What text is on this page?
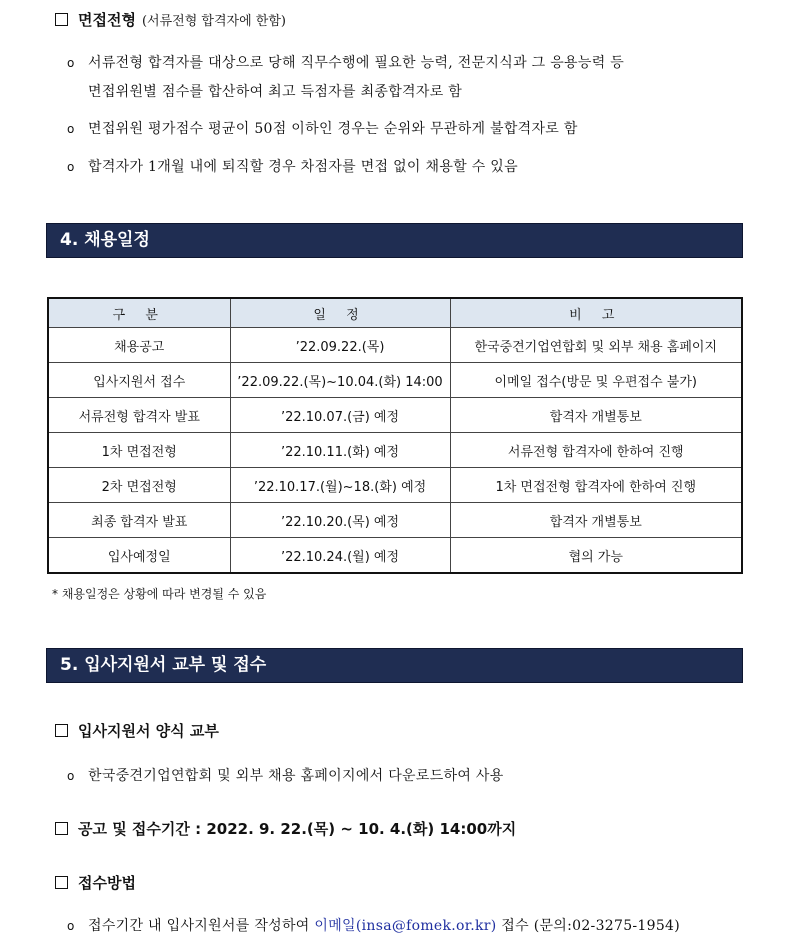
면접전형 (서류전형 합격자에 한함)
o 서류전형 합격자를 대상으로 당해 직무수행에 필요한 능력, 전문지식과 그 응용능력 등
면접위원별 점수를 합산하여 최고 득점자를 최종합격자로 함
o 면접위원 평가점수 평균이 50점 이하인 경우는 순위와 무관하게 불합격자로 함
o 합격자가 1개월 내에 퇴직할 경우 차점자를 면접 없이 채용할 수 있음
4. 채용일정
구 분	일 정	비 고
채용공고	’22.09.22.(목)	한국중견기업연합회 및 외부 채용 홈페이지
입사지원서 접수	’22.09.22.(목)~10.04.(화) 14:00	이메일 접수(방문 및 우편접수 불가)
서류전형 합격자 발표	’22.10.07.(금) 예정	합격자 개별통보
1차 면접전형	’22.10.11.(화) 예정	서류전형 합격자에 한하여 진행
2차 면접전형	’22.10.17.(월)~18.(화) 예정	1차 면접전형 합격자에 한하여 진행
최종 합격자 발표	’22.10.20.(목) 예정	합격자 개별통보
입사예정일	’22.10.24.(월) 예정	협의 가능
* 채용일정은 상황에 따라 변경될 수 있음
5. 입사지원서 교부 및 접수
입사지원서 양식 교부
o 한국중견기업연합회 및 외부 채용 홈페이지에서 다운로드하여 사용
공고 및 접수기간 : 2022. 9. 22.(목) ~ 10. 4.(화) 14:00까지
접수방법
o 접수기간 내 입사지원서를 작성하여 이메일(insa@fomek.or.kr) 접수 (문의:02-3275-1954)
